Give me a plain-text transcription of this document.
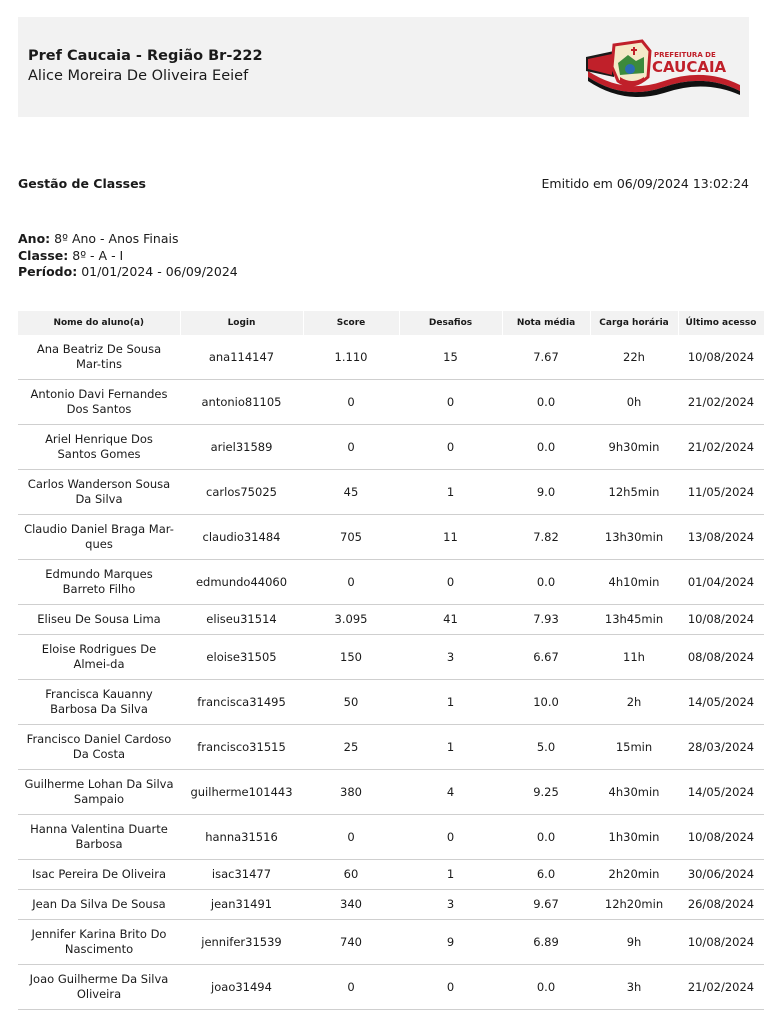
Pref Caucaia - Região Br-222
Alice Moreira De Oliveira Eeief
PREFEITURA DE
CAUCAIA
Gestão de Classes	Emitido em 06/09/2024 13:02:24
Ano: 8º Ano - Anos Finais
Classe: 8º - A - I
Período: 01/01/2024 - 06/09/2024
Nome do aluno(a)	Login	Score	Desafios	Nota média	Carga horária	Último acesso
Ana Beatriz De Sousa Mar-tins	ana114147	1.110	15	7.67	22h	10/08/2024
Antonio Davi Fernandes Dos Santos	antonio81105	0	0	0.0	0h	21/02/2024
Ariel Henrique Dos Santos Gomes	ariel31589	0	0	0.0	9h30min	21/02/2024
Carlos Wanderson Sousa Da Silva	carlos75025	45	1	9.0	12h5min	11/05/2024
Claudio Daniel Braga Mar-ques	claudio31484	705	11	7.82	13h30min	13/08/2024
Edmundo Marques Barreto Filho	edmundo44060	0	0	0.0	4h10min	01/04/2024
Eliseu De Sousa Lima	eliseu31514	3.095	41	7.93	13h45min	10/08/2024
Eloise Rodrigues De Almei-da	eloise31505	150	3	6.67	11h	08/08/2024
Francisca Kauanny Barbosa Da Silva	francisca31495	50	1	10.0	2h	14/05/2024
Francisco Daniel Cardoso Da Costa	francisco31515	25	1	5.0	15min	28/03/2024
Guilherme Lohan Da Silva Sampaio	guilherme101443	380	4	9.25	4h30min	14/05/2024
Hanna Valentina Duarte Barbosa	hanna31516	0	0	0.0	1h30min	10/08/2024
Isac Pereira De Oliveira	isac31477	60	1	6.0	2h20min	30/06/2024
Jean Da Silva De Sousa	jean31491	340	3	9.67	12h20min	26/08/2024
Jennifer Karina Brito Do Nascimento	jennifer31539	740	9	6.89	9h	10/08/2024
Joao Guilherme Da Silva Oliveira	joao31494	0	0	0.0	3h	21/02/2024
